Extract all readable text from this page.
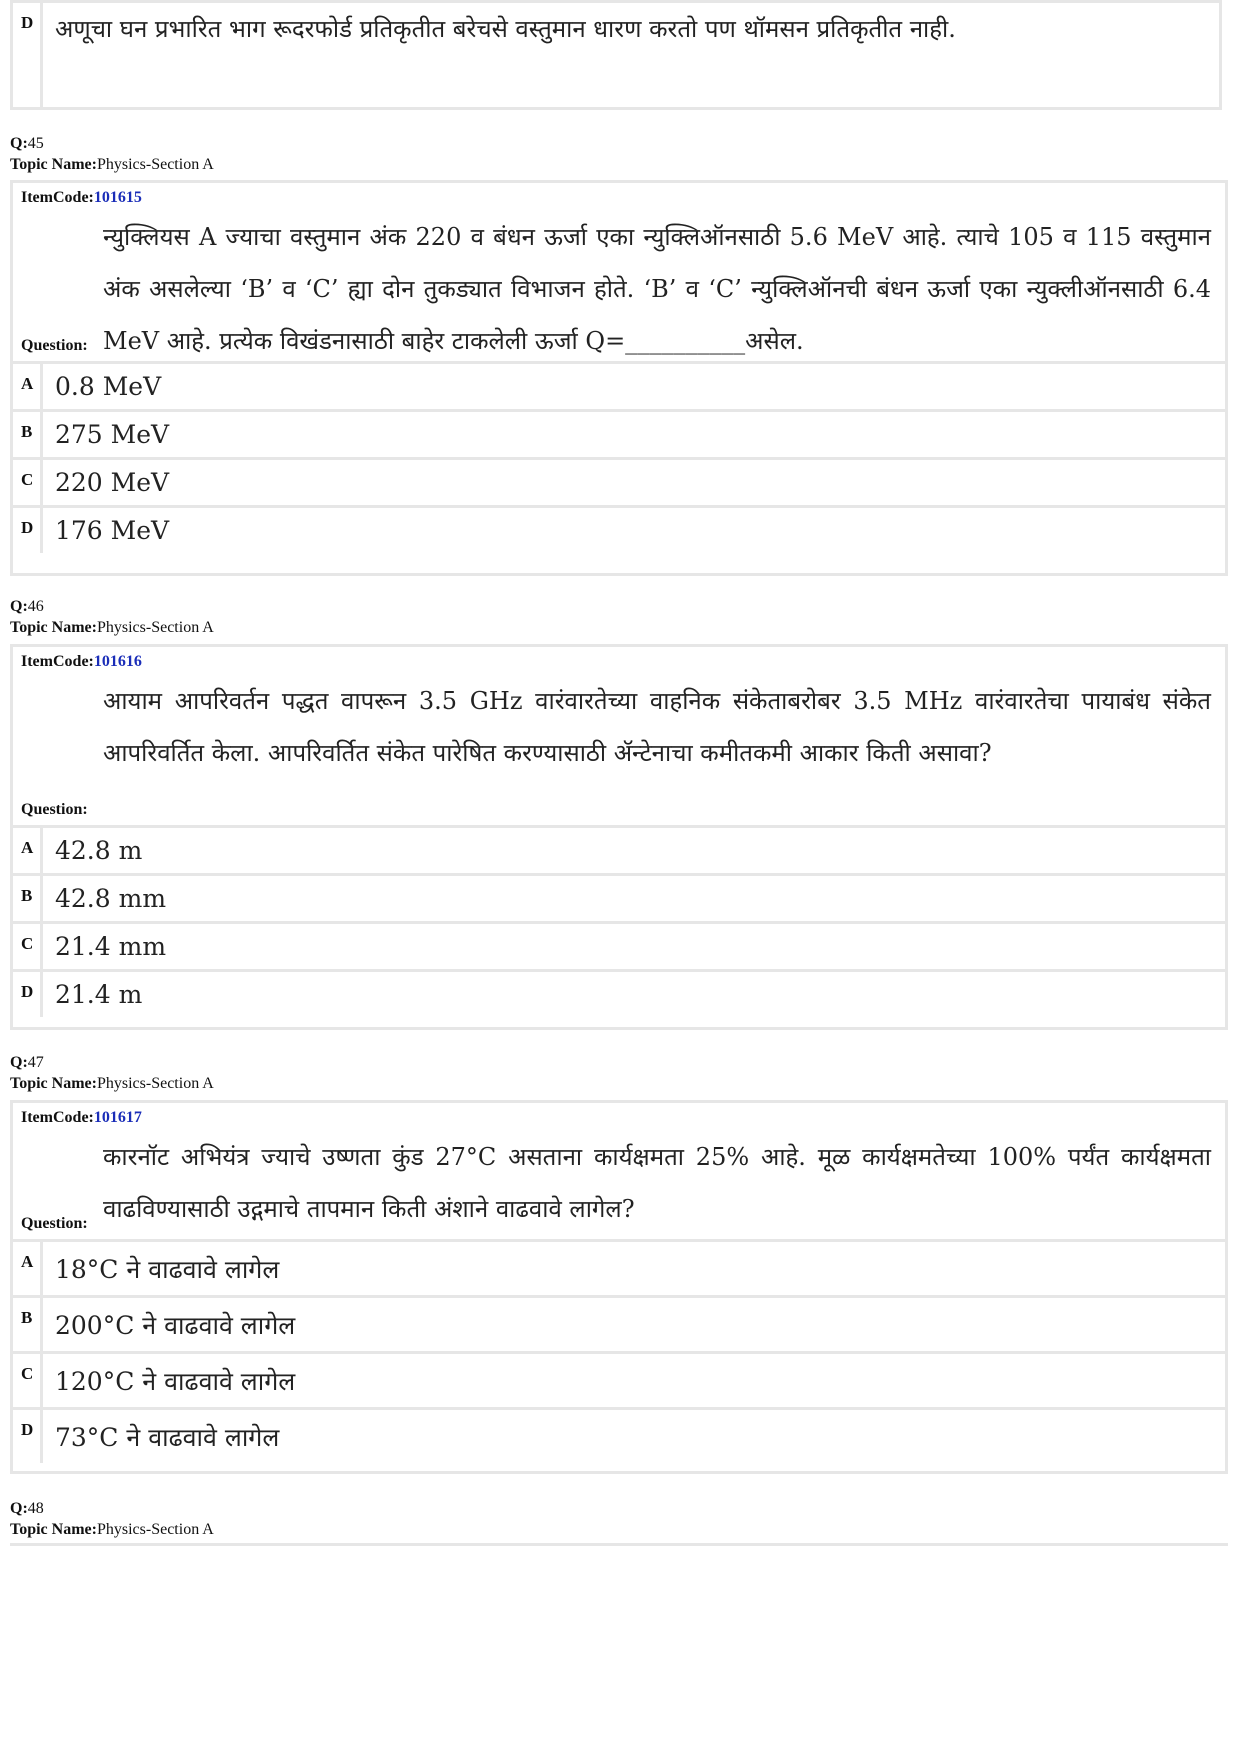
D अणूचा घन प्रभारित भाग रूदरफोर्ड प्रतिकृतीत बरेचसे वस्तुमान धारण करतो पण थॉमसन प्रतिकृतीत नाही.
Q:45
Topic Name:Physics-Section A
ItemCode:101615
Question:
न्युक्लियस A ज्याचा वस्तुमान अंक 220 व बंधन ऊर्जा एका न्युक्लिऑनसाठी 5.6 MeV आहे. त्याचे 105 व 115 वस्तुमान अंक असलेल्या ‘B’ व ‘C’ ह्या दोन तुकड्यात विभाजन होते. ‘B’ व ‘C’ न्युक्लिऑनची बंधन ऊर्जा एका न्युक्लीऑनसाठी 6.4 MeV आहे. प्रत्येक विखंडनासाठी बाहेर टाकलेली ऊर्जा Q=__________असेल.
A 0.8 MeV
B 275 MeV
C 220 MeV
D 176 MeV
Q:46
Topic Name:Physics-Section A
ItemCode:101616
Question:
आयाम आपरिवर्तन पद्धत वापरून 3.5 GHz वारंवारतेच्या वाहनिक संकेताबरोबर 3.5 MHz वारंवारतेचा पायाबंध संकेत आपरिवर्तित केला. आपरिवर्तित संकेत पारेषित करण्यासाठी ॲन्टेनाचा कमीतकमी आकार किती असावा?
A 42.8 m
B 42.8 mm
C 21.4 mm
D 21.4 m
Q:47
Topic Name:Physics-Section A
ItemCode:101617
Question:
कारनॉट अभियंत्र ज्याचे उष्णता कुंड 27°C असताना कार्यक्षमता 25% आहे. मूळ कार्यक्षमतेच्या 100% पर्यंत कार्यक्षमता वाढविण्यासाठी उद्गमाचे तापमान किती अंशाने वाढवावे लागेल?
A 18°C ने वाढवावे लागेल
B 200°C ने वाढवावे लागेल
C 120°C ने वाढवावे लागेल
D 73°C ने वाढवावे लागेल
Q:48
Topic Name:Physics-Section A
